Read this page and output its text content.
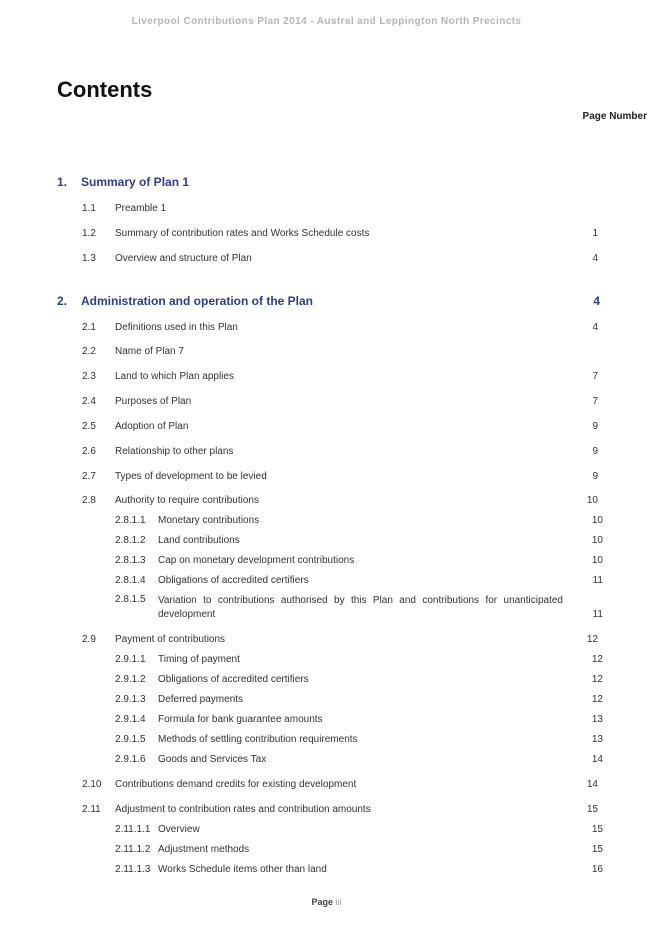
Liverpool Contributions Plan 2014 - Austral and Leppington North Precincts
Contents
Page Number
1. Summary of Plan 1
1.1 Preamble 1
1.2 Summary of contribution rates and Works Schedule costs	1
1.3 Overview and structure of Plan	4
2. Administration and operation of the Plan	4
2.1 Definitions used in this Plan	4
2.2 Name of Plan 7
2.3 Land to which Plan applies	7
2.4 Purposes of Plan	7
2.5 Adoption of Plan	9
2.6 Relationship to other plans	9
2.7 Types of development to be levied	9
2.8 Authority to require contributions	10
2.8.1.1 Monetary contributions	10
2.8.1.2 Land contributions	10
2.8.1.3 Cap on monetary development contributions	10
2.8.1.4 Obligations of accredited certifiers	11
2.8.1.5 Variation to contributions authorised by this Plan and contributions for unanticipated development	11
2.9 Payment of contributions	12
2.9.1.1 Timing of payment	12
2.9.1.2 Obligations of accredited certifiers	12
2.9.1.3 Deferred payments	12
2.9.1.4 Formula for bank guarantee amounts	13
2.9.1.5 Methods of settling contribution requirements	13
2.9.1.6 Goods and Services Tax	14
2.10 Contributions demand credits for existing development	14
2.11 Adjustment to contribution rates and contribution amounts	15
2.11.1.1 Overview	15
2.11.1.2 Adjustment methods	15
2.11.1.3 Works Schedule items other than land	16
Page iii
